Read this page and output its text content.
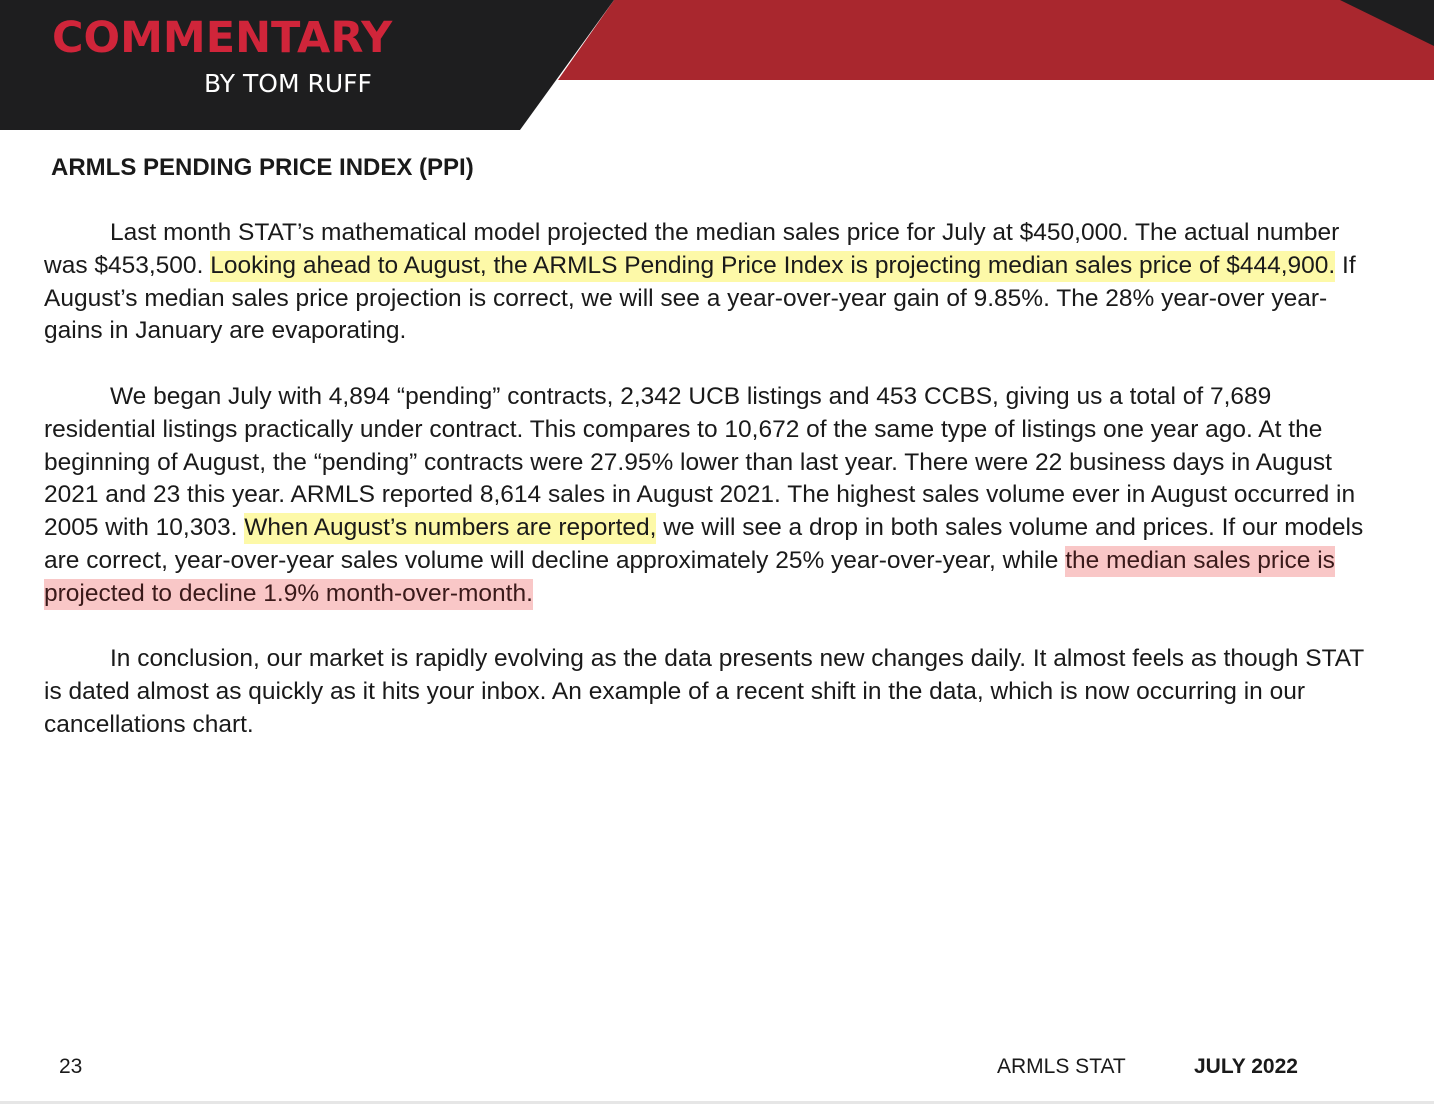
COMMENTARY
BY TOM RUFF
ARMLS PENDING PRICE INDEX (PPI)

Last month STAT’s mathematical model projected the median sales price for July at $450,000. The actual number was $453,500. Looking ahead to August, the ARMLS Pending Price Index is projecting median sales price of $444,900. If August’s median sales price projection is correct, we will see a year-over-year gain of 9.85%. The 28% year-over year-gains in January are evaporating.

We began July with 4,894 “pending” contracts, 2,342 UCB listings and 453 CCBS, giving us a total of 7,689 residential listings practically under contract. This compares to 10,672 of the same type of listings one year ago. At the beginning of August, the “pending” contracts were 27.95% lower than last year. There were 22 business days in August 2021 and 23 this year. ARMLS reported 8,614 sales in August 2021. The highest sales volume ever in August occurred in 2005 with 10,303. When August’s numbers are reported, we will see a drop in both sales volume and prices. If our models are correct, year-over-year sales volume will decline approximately 25% year-over-year, while the median sales price is projected to decline 1.9% month-over-month.

In conclusion, our market is rapidly evolving as the data presents new changes daily. It almost feels as though STAT is dated almost as quickly as it hits your inbox. An example of a recent shift in the data, which is now occurring in our cancellations chart.

23	ARMLS STAT	JULY 2022
